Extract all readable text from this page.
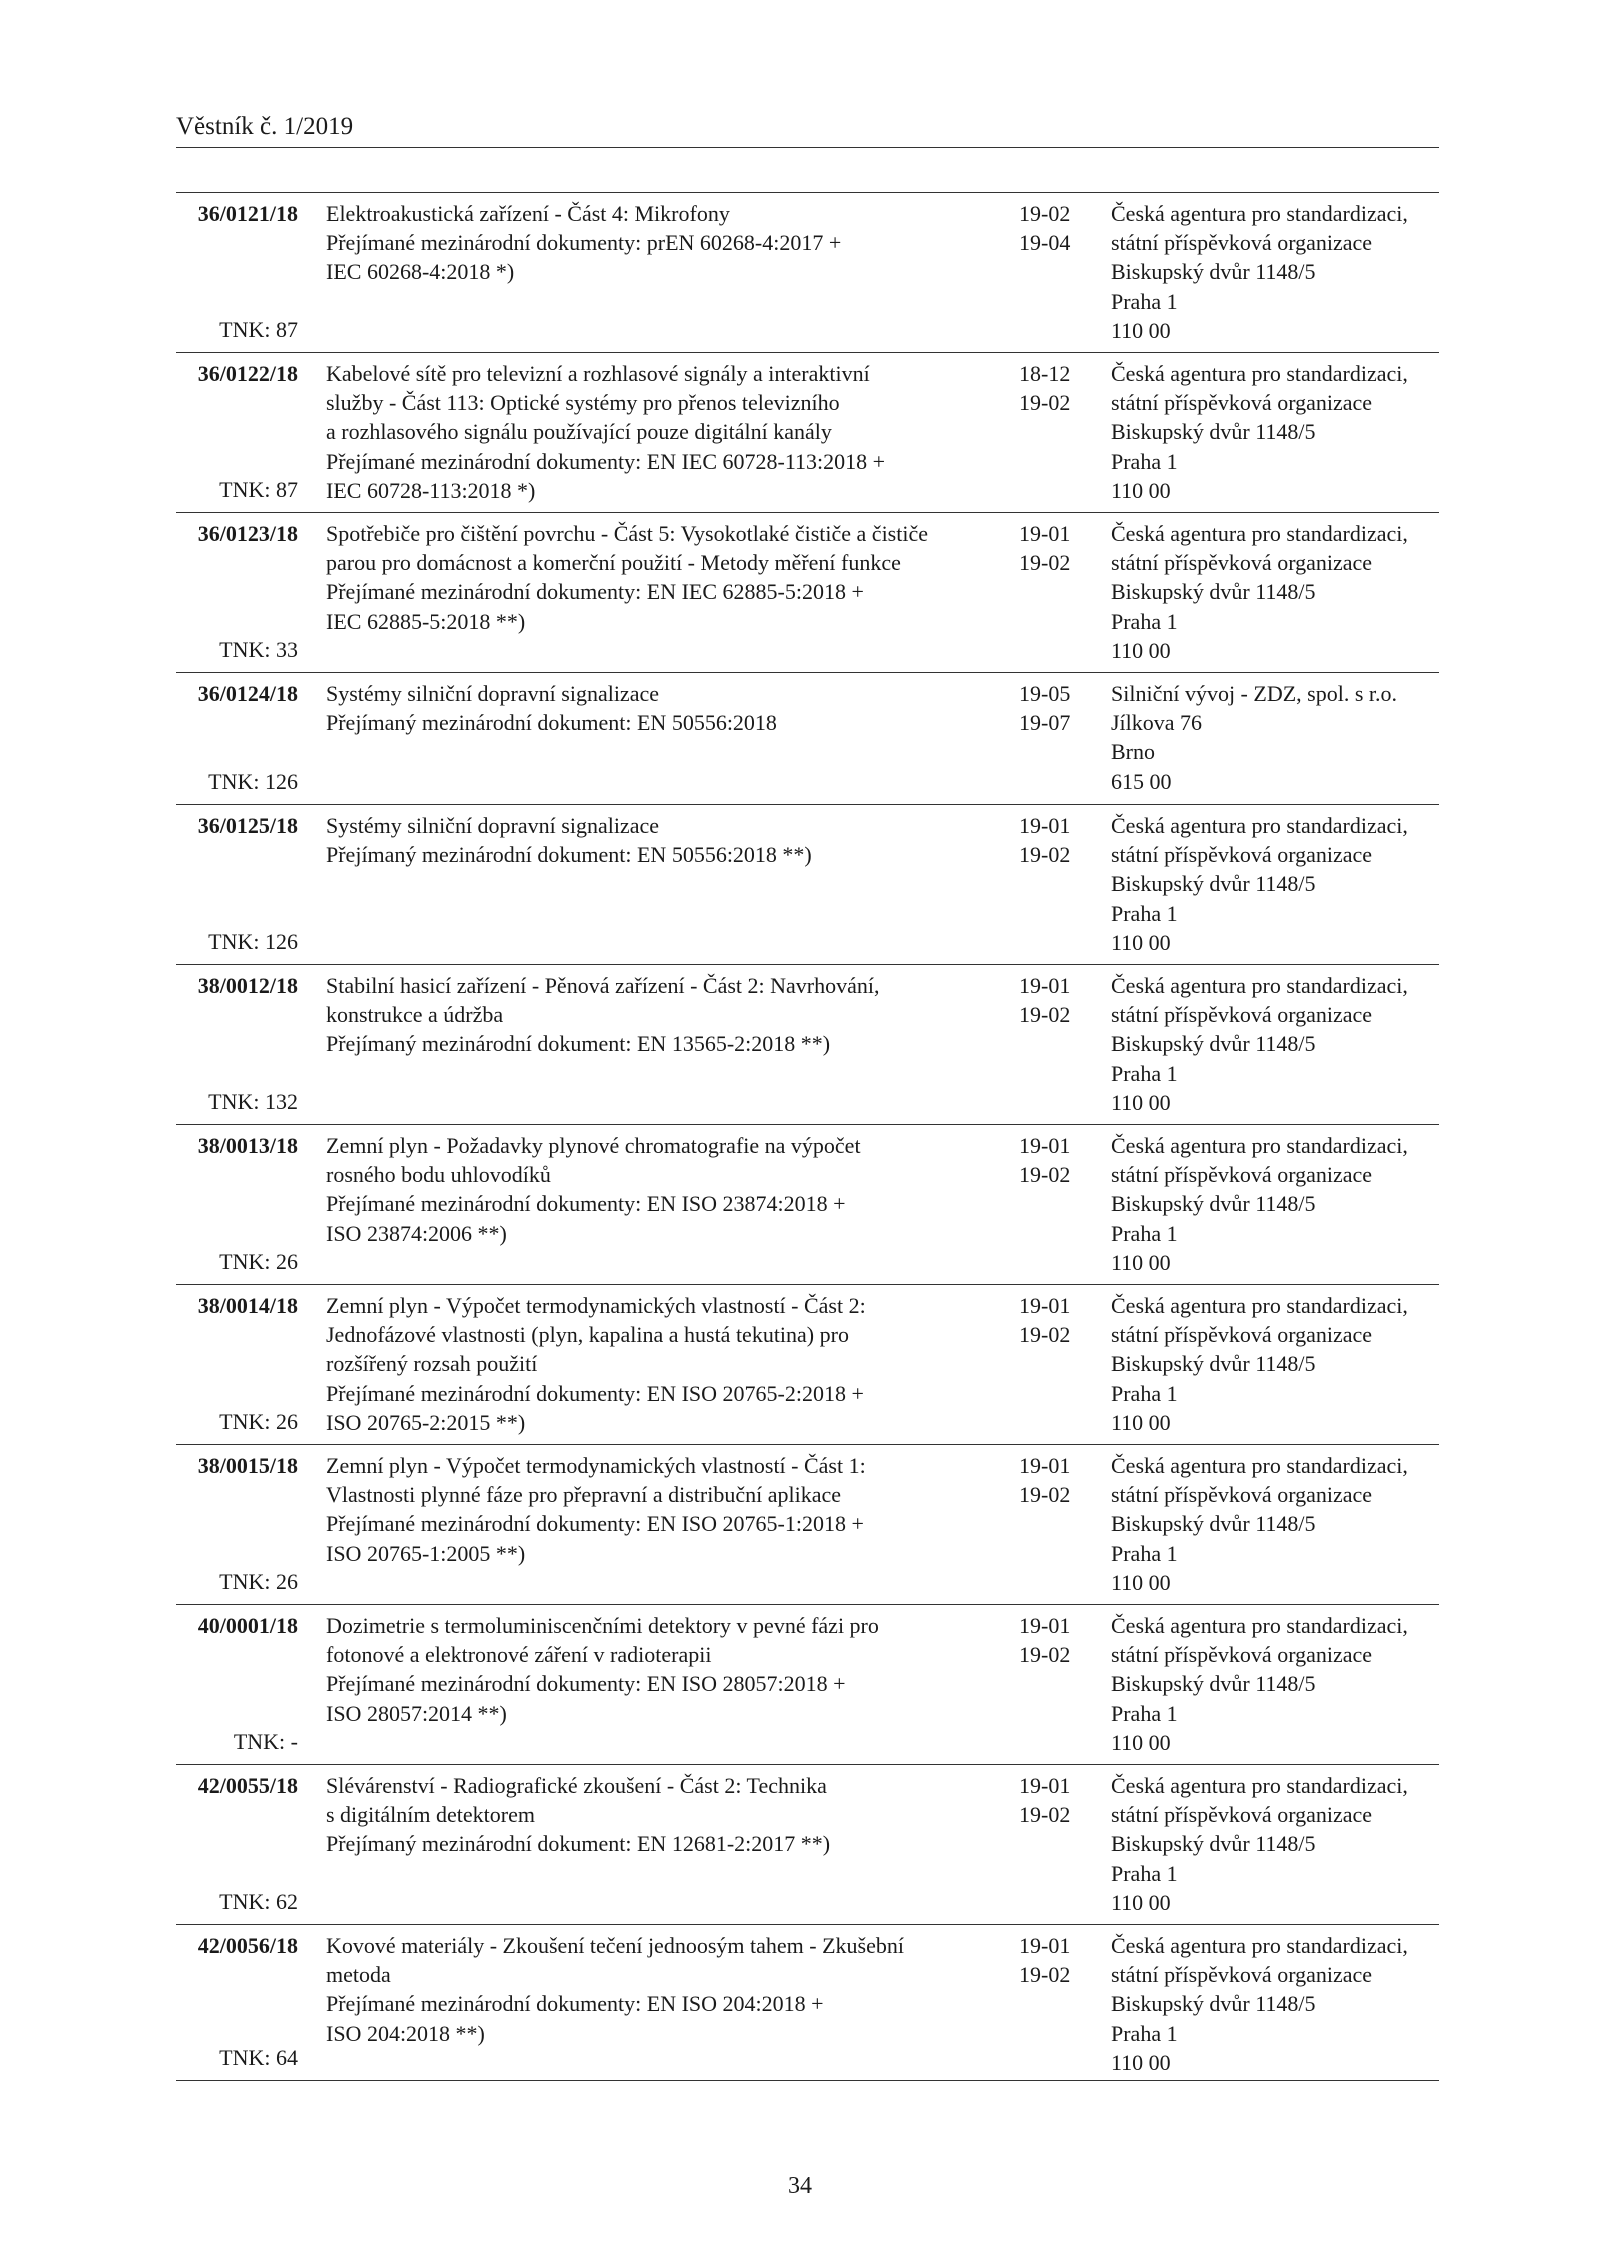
Věstník č. 1/2019
36/0121/18
TNK: 87
Elektroakustická zařízení - Část 4: Mikrofony
Přejímané mezinárodní dokumenty: prEN 60268-4:2017 +
IEC 60268-4:2018 *)
19-02
19-04
Česká agentura pro standardizaci,
státní příspěvková organizace
Biskupský dvůr 1148/5
Praha 1
110 00
36/0122/18
TNK: 87
Kabelové sítě pro televizní a rozhlasové signály a interaktivní
služby - Část 113: Optické systémy pro přenos televizního
a rozhlasového signálu používající pouze digitální kanály
Přejímané mezinárodní dokumenty: EN IEC 60728-113:2018 +
IEC 60728-113:2018 *)
18-12
19-02
Česká agentura pro standardizaci,
státní příspěvková organizace
Biskupský dvůr 1148/5
Praha 1
110 00
36/0123/18
TNK: 33
Spotřebiče pro čištění povrchu - Část 5: Vysokotlaké čističe a čističe
parou pro domácnost a komerční použití - Metody měření funkce
Přejímané mezinárodní dokumenty: EN IEC 62885-5:2018 +
IEC 62885-5:2018 **)
19-01
19-02
Česká agentura pro standardizaci,
státní příspěvková organizace
Biskupský dvůr 1148/5
Praha 1
110 00
36/0124/18
TNK: 126
Systémy silniční dopravní signalizace
Přejímaný mezinárodní dokument: EN 50556:2018
19-05
19-07
Silniční vývoj - ZDZ, spol. s r.o.
Jílkova 76
Brno
615 00
36/0125/18
TNK: 126
Systémy silniční dopravní signalizace
Přejímaný mezinárodní dokument: EN 50556:2018 **)
19-01
19-02
Česká agentura pro standardizaci,
státní příspěvková organizace
Biskupský dvůr 1148/5
Praha 1
110 00
38/0012/18
TNK: 132
Stabilní hasicí zařízení - Pěnová zařízení - Část 2: Navrhování,
konstrukce a údržba
Přejímaný mezinárodní dokument: EN 13565-2:2018 **)
19-01
19-02
Česká agentura pro standardizaci,
státní příspěvková organizace
Biskupský dvůr 1148/5
Praha 1
110 00
38/0013/18
TNK: 26
Zemní plyn - Požadavky plynové chromatografie na výpočet
rosného bodu uhlovodíků
Přejímané mezinárodní dokumenty: EN ISO 23874:2018 +
ISO 23874:2006 **)
19-01
19-02
Česká agentura pro standardizaci,
státní příspěvková organizace
Biskupský dvůr 1148/5
Praha 1
110 00
38/0014/18
TNK: 26
Zemní plyn - Výpočet termodynamických vlastností - Část 2:
Jednofázové vlastnosti (plyn, kapalina a hustá tekutina) pro
rozšířený rozsah použití
Přejímané mezinárodní dokumenty: EN ISO 20765-2:2018 +
ISO 20765-2:2015 **)
19-01
19-02
Česká agentura pro standardizaci,
státní příspěvková organizace
Biskupský dvůr 1148/5
Praha 1
110 00
38/0015/18
TNK: 26
Zemní plyn - Výpočet termodynamických vlastností - Část 1:
Vlastnosti plynné fáze pro přepravní a distribuční aplikace
Přejímané mezinárodní dokumenty: EN ISO 20765-1:2018 +
ISO 20765-1:2005 **)
19-01
19-02
Česká agentura pro standardizaci,
státní příspěvková organizace
Biskupský dvůr 1148/5
Praha 1
110 00
40/0001/18
TNK: -
Dozimetrie s termoluminiscenčními detektory v pevné fázi pro
fotonové a elektronové záření v radioterapii
Přejímané mezinárodní dokumenty: EN ISO 28057:2018 +
ISO 28057:2014 **)
19-01
19-02
Česká agentura pro standardizaci,
státní příspěvková organizace
Biskupský dvůr 1148/5
Praha 1
110 00
42/0055/18
TNK: 62
Slévárenství - Radiografické zkoušení - Část 2: Technika
s digitálním detektorem
Přejímaný mezinárodní dokument: EN 12681-2:2017 **)
19-01
19-02
Česká agentura pro standardizaci,
státní příspěvková organizace
Biskupský dvůr 1148/5
Praha 1
110 00
42/0056/18
TNK: 64
Kovové materiály - Zkoušení tečení jednoosým tahem - Zkušební
metoda
Přejímané mezinárodní dokumenty: EN ISO 204:2018 +
ISO 204:2018 **)
19-01
19-02
Česká agentura pro standardizaci,
státní příspěvková organizace
Biskupský dvůr 1148/5
Praha 1
110 00
34
